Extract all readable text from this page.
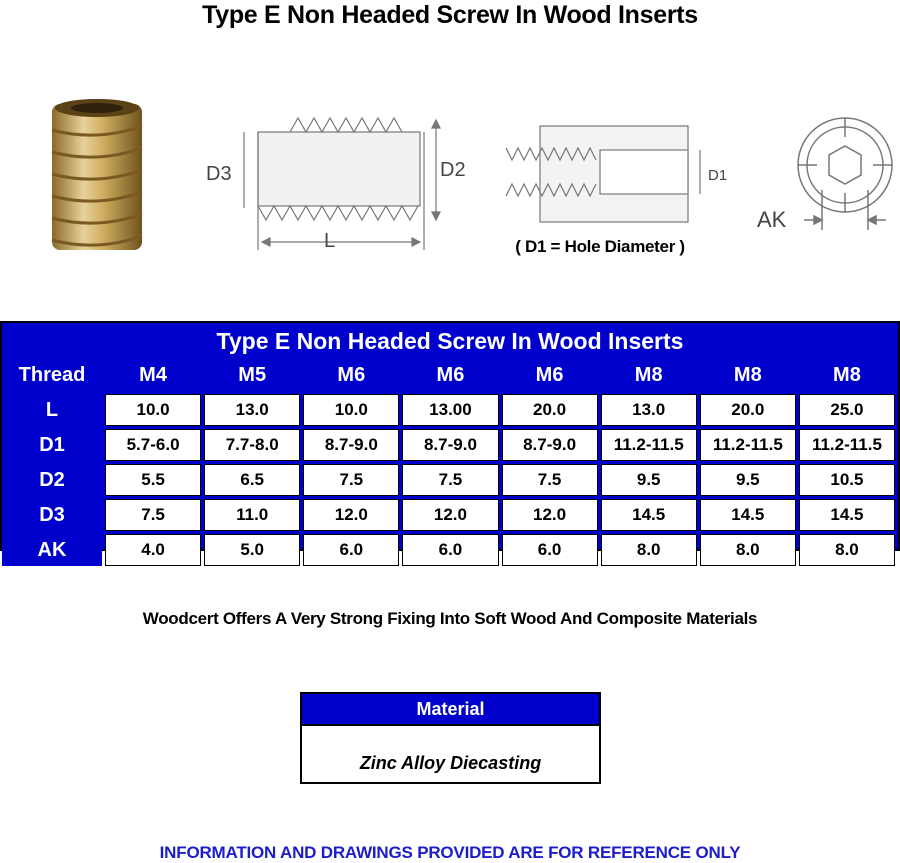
Type E Non Headed Screw In Wood Inserts
D3	D2
L
D1
AK
( D1 = Hole Diameter )
Type E Non Headed Screw In Wood Inserts
Thread	M4	M5	M6	M6	M6	M8	M8	M8
L	10.0	13.0	10.0	13.00	20.0	13.0	20.0	25.0
D1	5.7-6.0	7.7-8.0	8.7-9.0	8.7-9.0	8.7-9.0	11.2-11.5	11.2-11.5	11.2-11.5
D2	5.5	6.5	7.5	7.5	7.5	9.5	9.5	10.5
D3	7.5	11.0	12.0	12.0	12.0	14.5	14.5	14.5
AK	4.0	5.0	6.0	6.0	6.0	8.0	8.0	8.0
Woodcert Offers A Very Strong Fixing Into Soft Wood And Composite Materials
Material
Zinc Alloy Diecasting
INFORMATION AND DRAWINGS PROVIDED ARE FOR REFERENCE ONLY
